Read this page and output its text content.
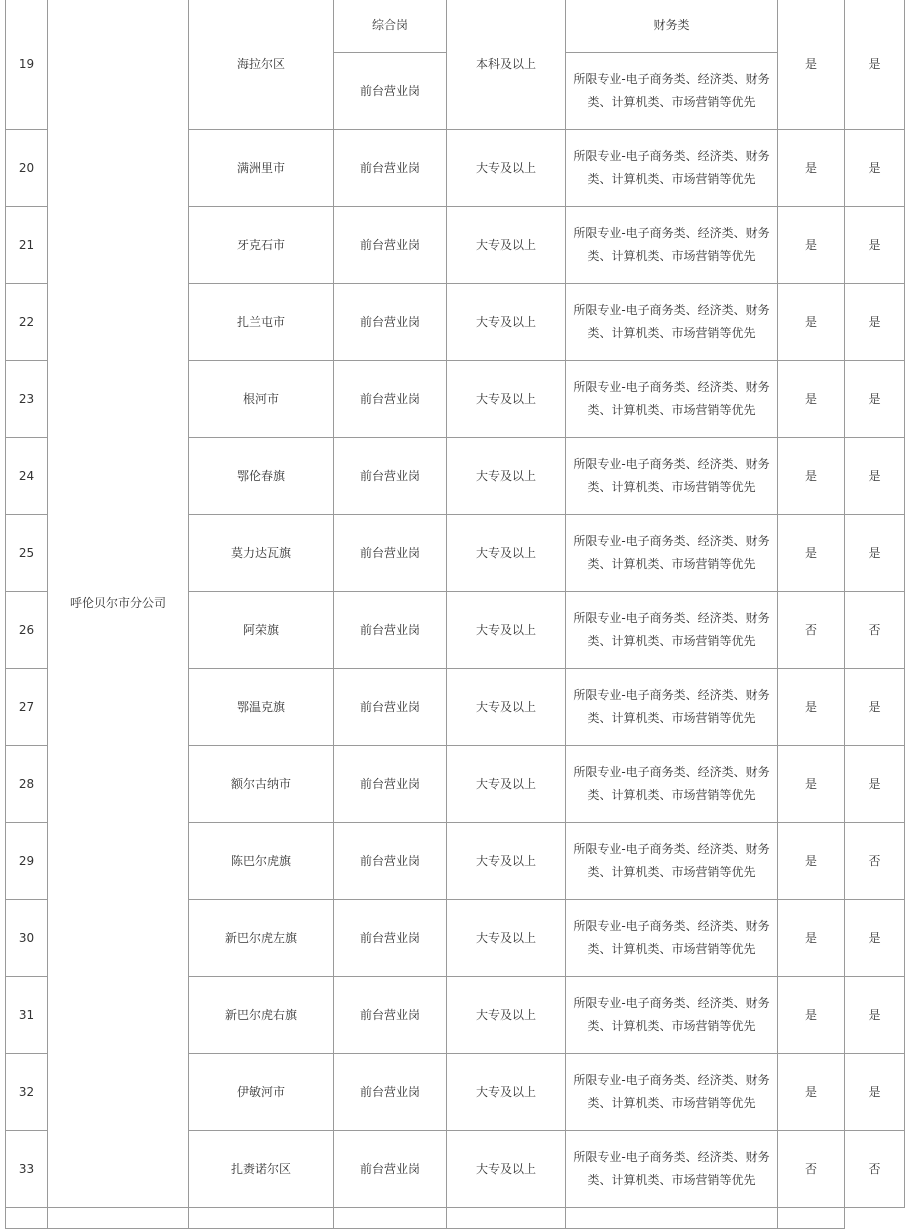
19	呼伦贝尔市分公司	海拉尔区	综合岗	本科及以上	财务类	是	是
			前台营业岗		所限专业-电子商务类、经济类、财务类、计算机类、市场营销等优先		
20		满洲里市	前台营业岗	大专及以上	所限专业-电子商务类、经济类、财务类、计算机类、市场营销等优先	是	是
21		牙克石市	前台营业岗	大专及以上	所限专业-电子商务类、经济类、财务类、计算机类、市场营销等优先	是	是
22		扎兰屯市	前台营业岗	大专及以上	所限专业-电子商务类、经济类、财务类、计算机类、市场营销等优先	是	是
23		根河市	前台营业岗	大专及以上	所限专业-电子商务类、经济类、财务类、计算机类、市场营销等优先	是	是
24		鄂伦春旗	前台营业岗	大专及以上	所限专业-电子商务类、经济类、财务类、计算机类、市场营销等优先	是	是
25		莫力达瓦旗	前台营业岗	大专及以上	所限专业-电子商务类、经济类、财务类、计算机类、市场营销等优先	是	是
26		阿荣旗	前台营业岗	大专及以上	所限专业-电子商务类、经济类、财务类、计算机类、市场营销等优先	否	否
27		鄂温克旗	前台营业岗	大专及以上	所限专业-电子商务类、经济类、财务类、计算机类、市场营销等优先	是	是
28		额尔古纳市	前台营业岗	大专及以上	所限专业-电子商务类、经济类、财务类、计算机类、市场营销等优先	是	是
29		陈巴尔虎旗	前台营业岗	大专及以上	所限专业-电子商务类、经济类、财务类、计算机类、市场营销等优先	是	否
30		新巴尔虎左旗	前台营业岗	大专及以上	所限专业-电子商务类、经济类、财务类、计算机类、市场营销等优先	是	是
31		新巴尔虎右旗	前台营业岗	大专及以上	所限专业-电子商务类、经济类、财务类、计算机类、市场营销等优先	是	是
32		伊敏河市	前台营业岗	大专及以上	所限专业-电子商务类、经济类、财务类、计算机类、市场营销等优先	是	是
33		扎赉诺尔区	前台营业岗	大专及以上	所限专业-电子商务类、经济类、财务类、计算机类、市场营销等优先	否	否
